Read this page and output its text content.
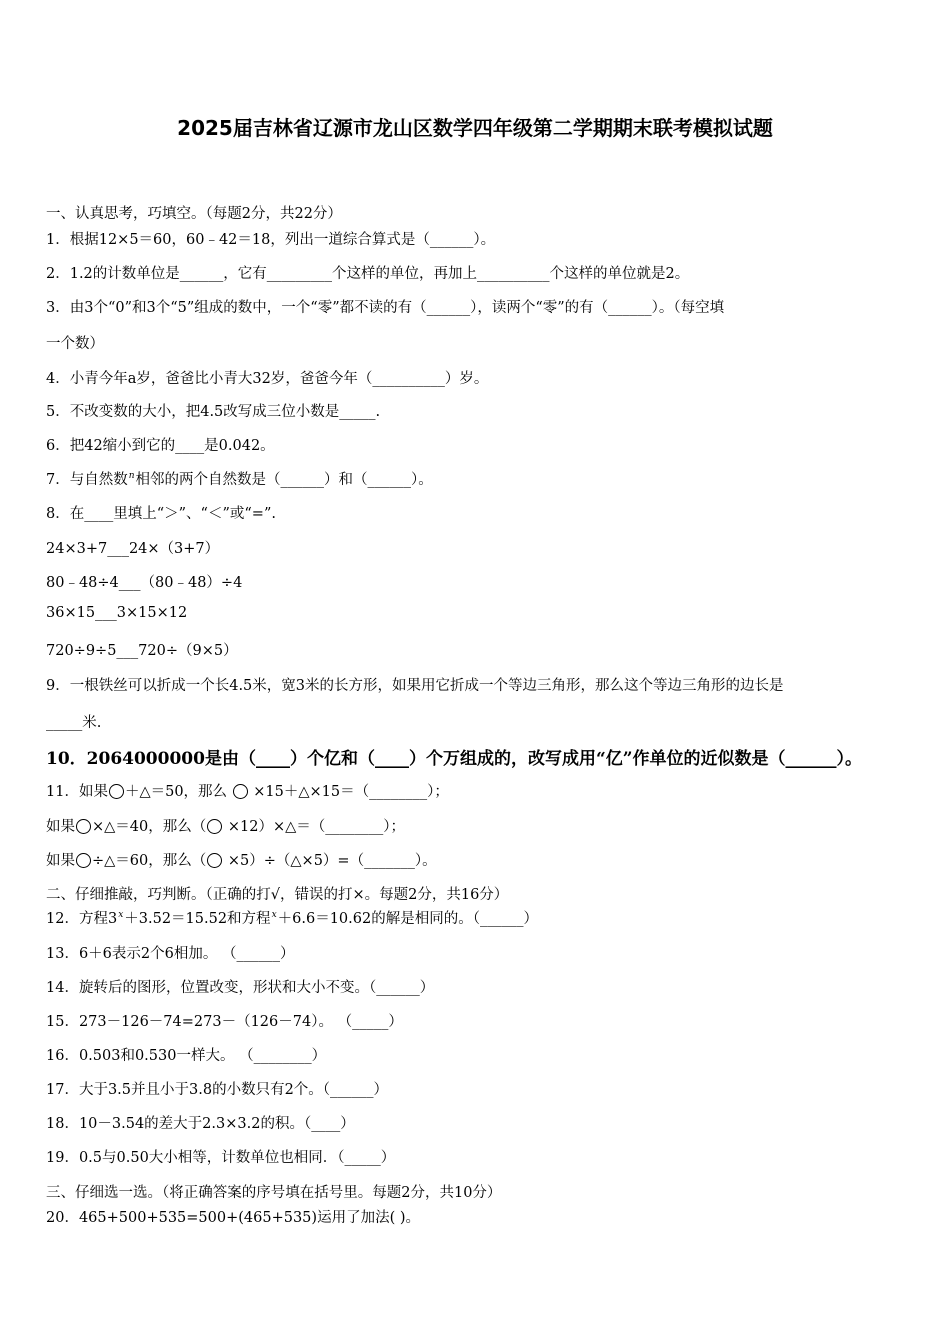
2025届吉林省辽源市龙山区数学四年级第二学期期末联考模拟试题
一、认真思考，巧填空。（每题2分，共22分）
1．根据12×5＝60，60﹣42＝18，列出一道综合算式是（______）。
2．1.2的计数单位是______，它有_________个这样的单位，再加上__________个这样的单位就是2。
3．由3个“0”和3个“5”组成的数中，一个“零”都不读的有（______），读两个“零”的有（______）。（每空填
一个数）
4．小青今年a岁，爸爸比小青大32岁，爸爸今年（__________）岁。
5．不改变数的大小，把4.5改写成三位小数是_____.
6．把42缩小到它的____是0.042。
7．与自然数$^n$相邻的两个自然数是（______）和（______）。
8．在____里填上“＞”、“＜”或“=”.
24×3+7___24×（3+7）
80﹣48÷4___（80﹣48）÷4
36×15___3×15×12
720÷9÷5___720÷（9×5）
9．一根铁丝可以折成一个长4.5米，宽3米的长方形，如果用它折成一个等边三角形，那么这个等边三角形的边长是
_____米.
10．2064000000是由（____）个亿和（____）个万组成的，改写成用“亿”作单位的近似数是（______）。
11．如果 ＋△＝50，那么 ×15＋△×15＝（________）；
如果 ×△＝40，那么（ ×12）×△＝（________）；
如果 ÷△＝60，那么（ ×5）÷（△×5）=（_______）。
二、仔细推敲，巧判断。（正确的打√，错误的打×。每题2分，共16分）
12．方程$3^x+3.52=15.52$和方程$^x$＋6.6＝10.62的解是相同的。（______）
13．6＋6表示2个6相加。 （______）
14．旋转后的图形，位置改变，形状和大小不变。（______）
15．273－126－74=273－（126－74）。 （_____）
16．0.503和0.530一样大。 （________）
17．大于3.5并且小于3.8的小数只有2个。（______）
18．10－3.54的差大于2.3×3.2的积。（____）
19．0.5与0.50大小相等，计数单位也相同．（_____）
三、仔细选一选。（将正确答案的序号填在括号里。每题2分，共10分）
20．465+500+535=500+(465+535)运用了加法( )。
